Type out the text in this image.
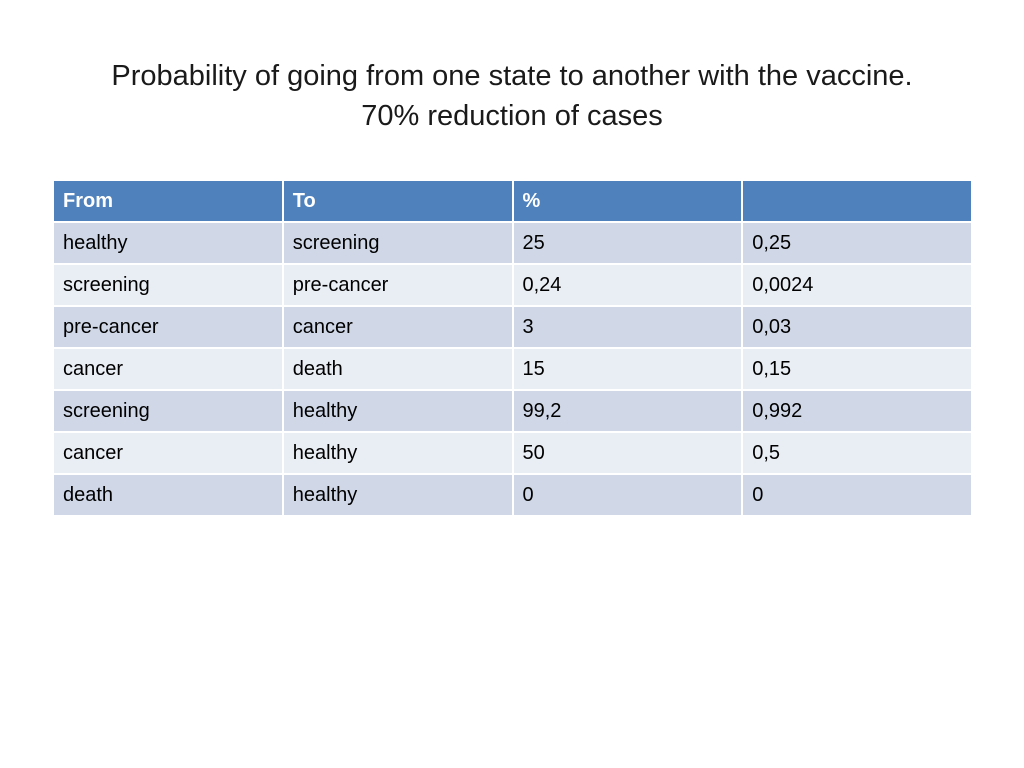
Probability of going from one state to another with the vaccine.
70% reduction of cases
From	To	%	
healthy	screening	25	0,25
screening	pre-cancer	0,24	0,0024
pre-cancer	cancer	3	0,03
cancer	death	15	0,15
screening	healthy	99,2	0,992
cancer	healthy	50	0,5
death	healthy	0	0
